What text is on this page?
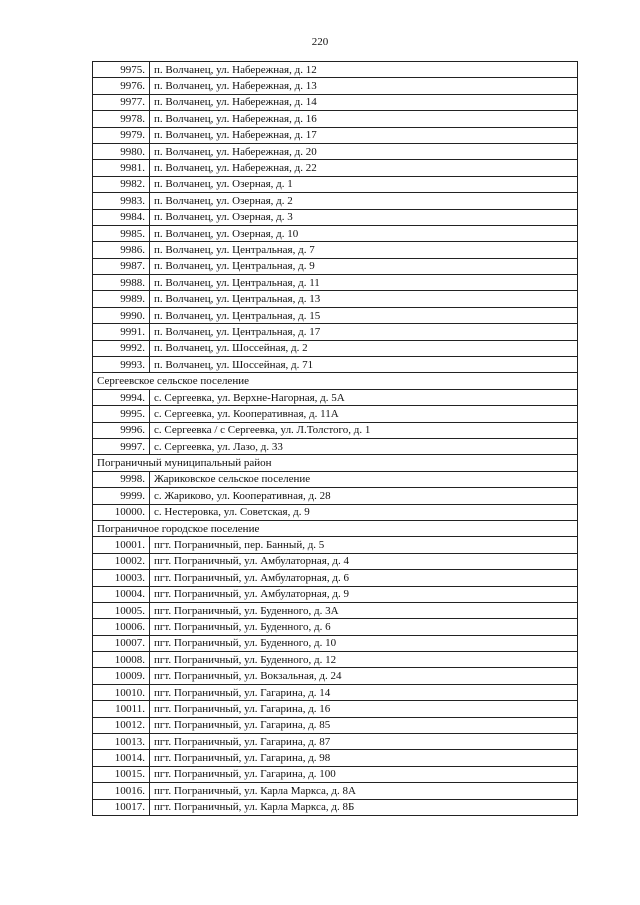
220
9975.	п. Волчанец, ул. Набережная, д. 12
9976.	п. Волчанец, ул. Набережная, д. 13
9977.	п. Волчанец, ул. Набережная, д. 14
9978.	п. Волчанец, ул. Набережная, д. 16
9979.	п. Волчанец, ул. Набережная, д. 17
9980.	п. Волчанец, ул. Набережная, д. 20
9981.	п. Волчанец, ул. Набережная, д. 22
9982.	п. Волчанец, ул. Озерная, д. 1
9983.	п. Волчанец, ул. Озерная, д. 2
9984.	п. Волчанец, ул. Озерная, д. 3
9985.	п. Волчанец, ул. Озерная, д. 10
9986.	п. Волчанец, ул. Центральная, д. 7
9987.	п. Волчанец, ул. Центральная, д. 9
9988.	п. Волчанец, ул. Центральная, д. 11
9989.	п. Волчанец, ул. Центральная, д. 13
9990.	п. Волчанец, ул. Центральная, д. 15
9991.	п. Волчанец, ул. Центральная, д. 17
9992.	п. Волчанец, ул. Шоссейная, д. 2
9993.	п. Волчанец, ул. Шоссейная, д. 71
Сергеевское сельское поселение	
9994.	с. Сергеевка, ул. Верхне-Нагорная, д. 5А
9995.	с. Сергеевка, ул. Кооперативная, д. 11А
9996.	с. Сергеевка / с Сергеевка, ул. Л.Толстого, д. 1
9997.	с. Сергеевка, ул. Лазо, д. 33
Пограничный муниципальный район	
9998.	Жариковское сельское поселение
9999.	с. Жариково, ул. Кооперативная, д. 28
10000.	с. Нестеровка, ул. Советская, д. 9
Пограничное городское поселение	
10001.	пгт. Пограничный, пер. Банный, д. 5
10002.	пгт. Пограничный, ул. Амбулаторная, д. 4
10003.	пгт. Пограничный, ул. Амбулаторная, д. 6
10004.	пгт. Пограничный, ул. Амбулаторная, д. 9
10005.	пгт. Пограничный, ул. Буденного, д. 3А
10006.	пгт. Пограничный, ул. Буденного, д. 6
10007.	пгт. Пограничный, ул. Буденного, д. 10
10008.	пгт. Пограничный, ул. Буденного, д. 12
10009.	пгт. Пограничный, ул. Вокзальная, д. 24
10010.	пгт. Пограничный, ул. Гагарина, д. 14
10011.	пгт. Пограничный, ул. Гагарина, д. 16
10012.	пгт. Пограничный, ул. Гагарина, д. 85
10013.	пгт. Пограничный, ул. Гагарина, д. 87
10014.	пгт. Пограничный, ул. Гагарина, д. 98
10015.	пгт. Пограничный, ул. Гагарина, д. 100
10016.	пгт. Пограничный, ул. Карла Маркса, д. 8А
10017.	пгт. Пограничный, ул. Карла Маркса, д. 8Б
